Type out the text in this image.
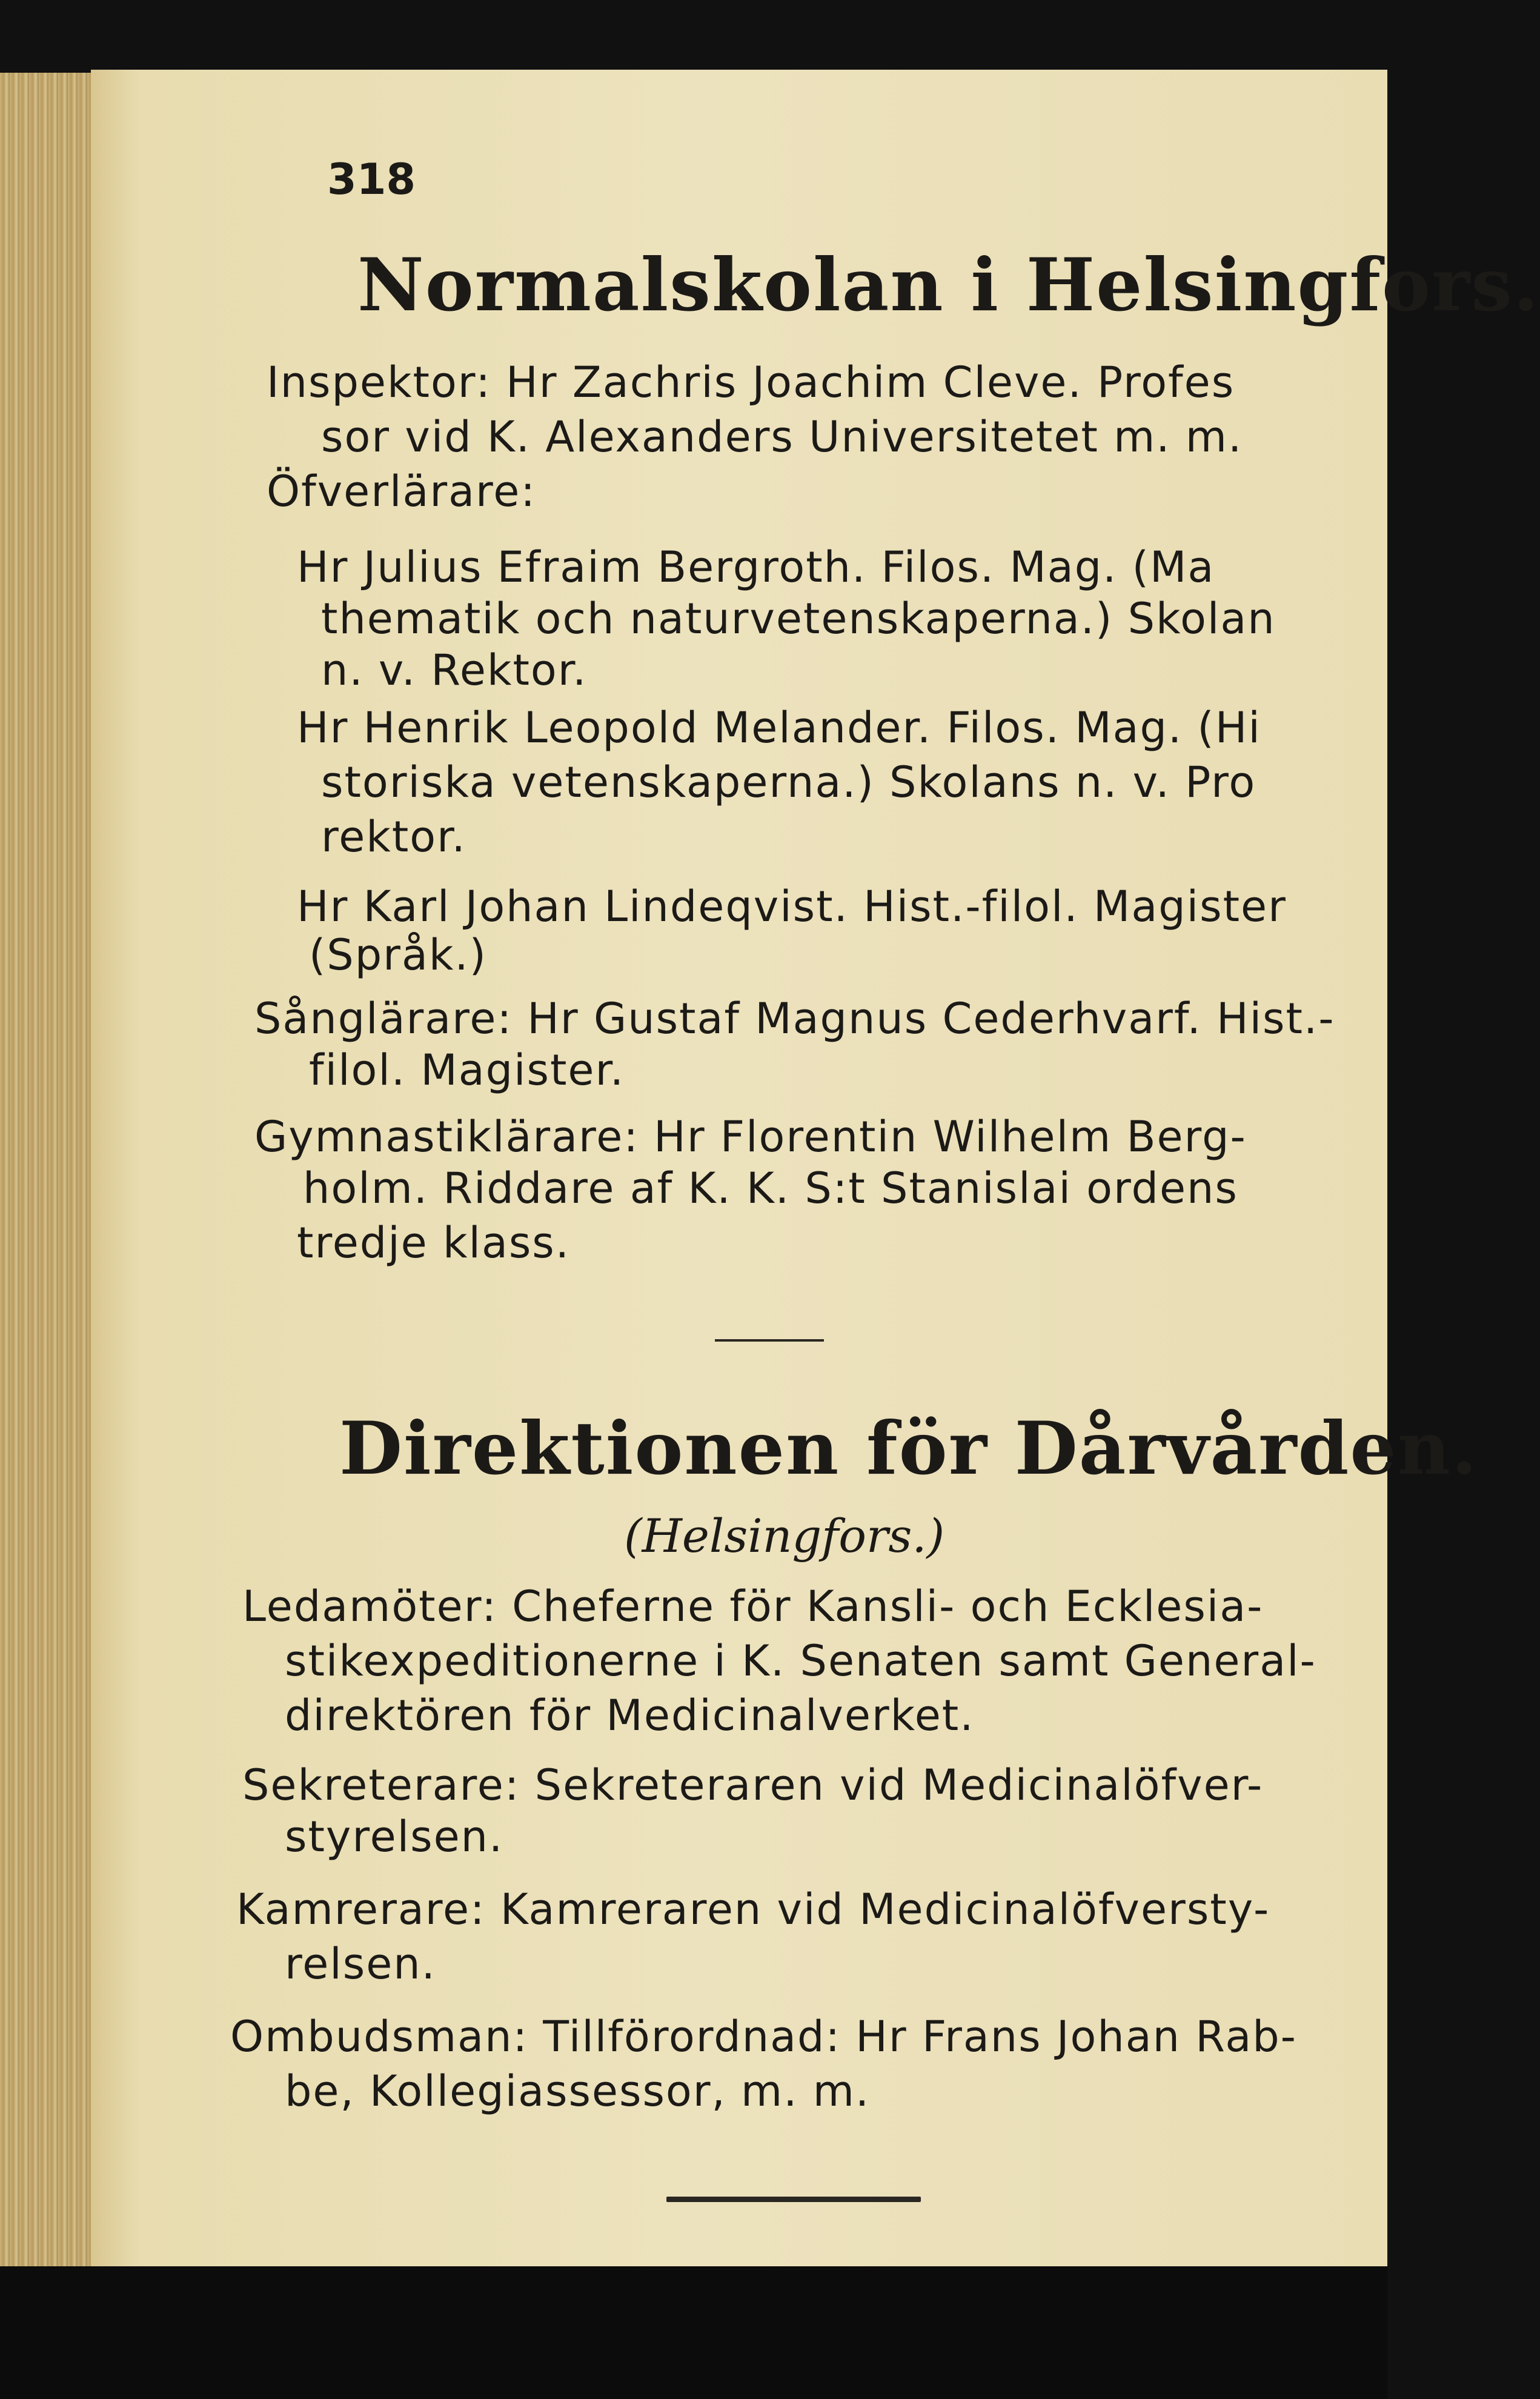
318
Normalskolan i Helsingfors.
Inspektor: Hr Zachris Joachim Cleve. Profes
sor vid K. Alexanders Universitetet m. m.
Öfverlärare:
Hr Julius Efraim Bergroth. Filos. Mag. (Ma
thematik och naturvetenskaperna.) Skolan
n. v. Rektor.
Hr Henrik Leopold Melander. Filos. Mag. (Hi
storiska vetenskaperna.) Skolans n. v. Pro
rektor.
Hr Karl Johan Lindeqvist. Hist.-filol. Magister
(Språk.)
Sånglärare: Hr Gustaf Magnus Cederhvarf. Hist.-
filol. Magister.
Gymnastiklärare: Hr Florentin Wilhelm Berg-
holm. Riddare af K. K. S:t Stanislai ordens
tredje klass.
Direktionen för Dårvården.
(Helsingfors.)
Ledamöter: Cheferne för Kansli- och Ecklesia-
stikexpeditionerne i K. Senaten samt General-
direktören för Medicinalverket.
Sekreterare: Sekreteraren vid Medicinalöfver-
styrelsen.
Kamrerare: Kamreraren vid Medicinalöfversty-
relsen.
Ombudsman: Tillförordnad: Hr Frans Johan Rab-
be, Kollegiassessor, m. m.
